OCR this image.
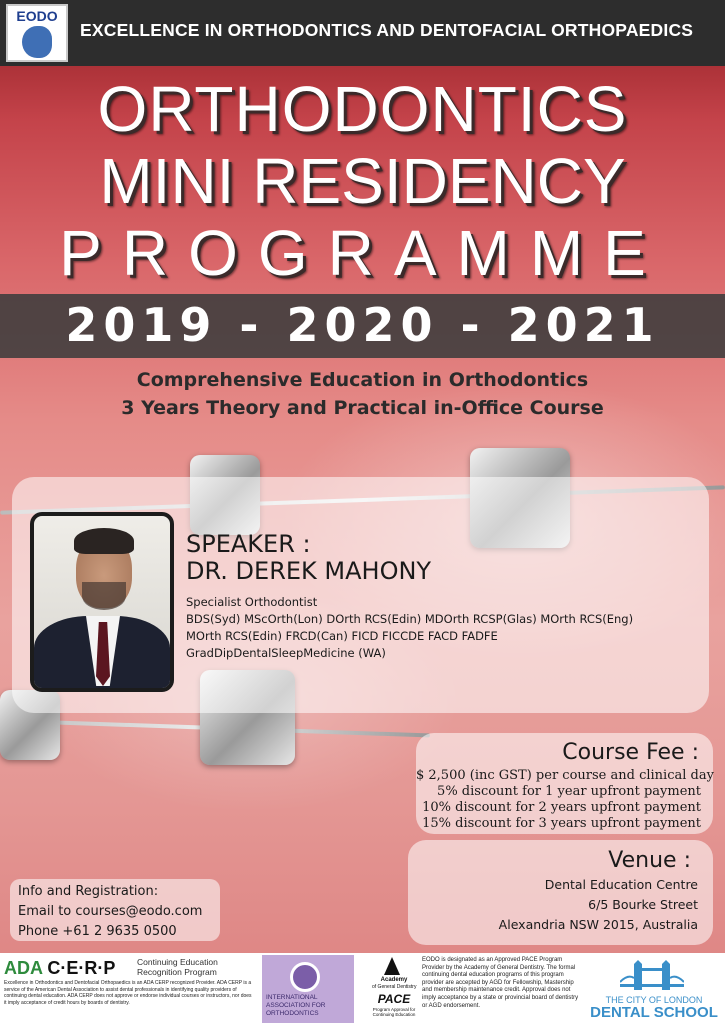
EODO
EXCELLENCE IN ORTHODONTICS AND DENTOFACIAL ORTHOPAEDICS
ORTHODONTICS
MINI RESIDENCY
PROGRAMME
2019 - 2020 - 2021
Comprehensive Education in Orthodontics
3 Years Theory and Practical in-Office Course
SPEAKER :
DR. DEREK MAHONY
Specialist Orthodontist
BDS(Syd) MScOrth(Lon) DOrth RCS(Edin) MDOrth RCSP(Glas) MOrth RCS(Eng)
MOrth RCS(Edin) FRCD(Can) FICD FICCDE FACD FADFE
GradDipDentalSleepMedicine (WA)
Course Fee :
$ 2,500 (inc GST) per course and clinical day
5% discount for 1 year upfront payment
10% discount for 2 years upfront payment
15% discount for 3 years upfront payment
Venue :
Dental Education Centre
6/5 Bourke Street
Alexandria NSW 2015, Australia
Info and Registration:
Email to courses@eodo.com
Phone +61 2 9635 0500
ADA C·E·R·P	Continuing Education Recognition Program
Excellence in Orthodontics and Dentofacial Orthopaedics is an ADA CERP recognized Provider. ADA CERP is a service of the American Dental Association to assist dental professionals in identifying quality providers of continuing dental education. ADA CERP does not approve or endorse individual courses or instructors, nor does it imply acceptance of credit hours by boards of dentistry.
INTERNATIONAL ASSOCIATION FOR ORTHODONTICS
Academy
of General Dentistry
PACE
Program Approval for
Continuing Education
EODO is designated as an Approved PACE Program Provider by the Academy of General Dentistry. The formal continuing dental education programs of this program provider are accepted by AGD for Fellowship, Mastership and membership maintenance credit. Approval does not imply acceptance by a state or provincial board of dentistry or AGD endorsement.
THE CITY OF LONDON
DENTAL SCHOOL
